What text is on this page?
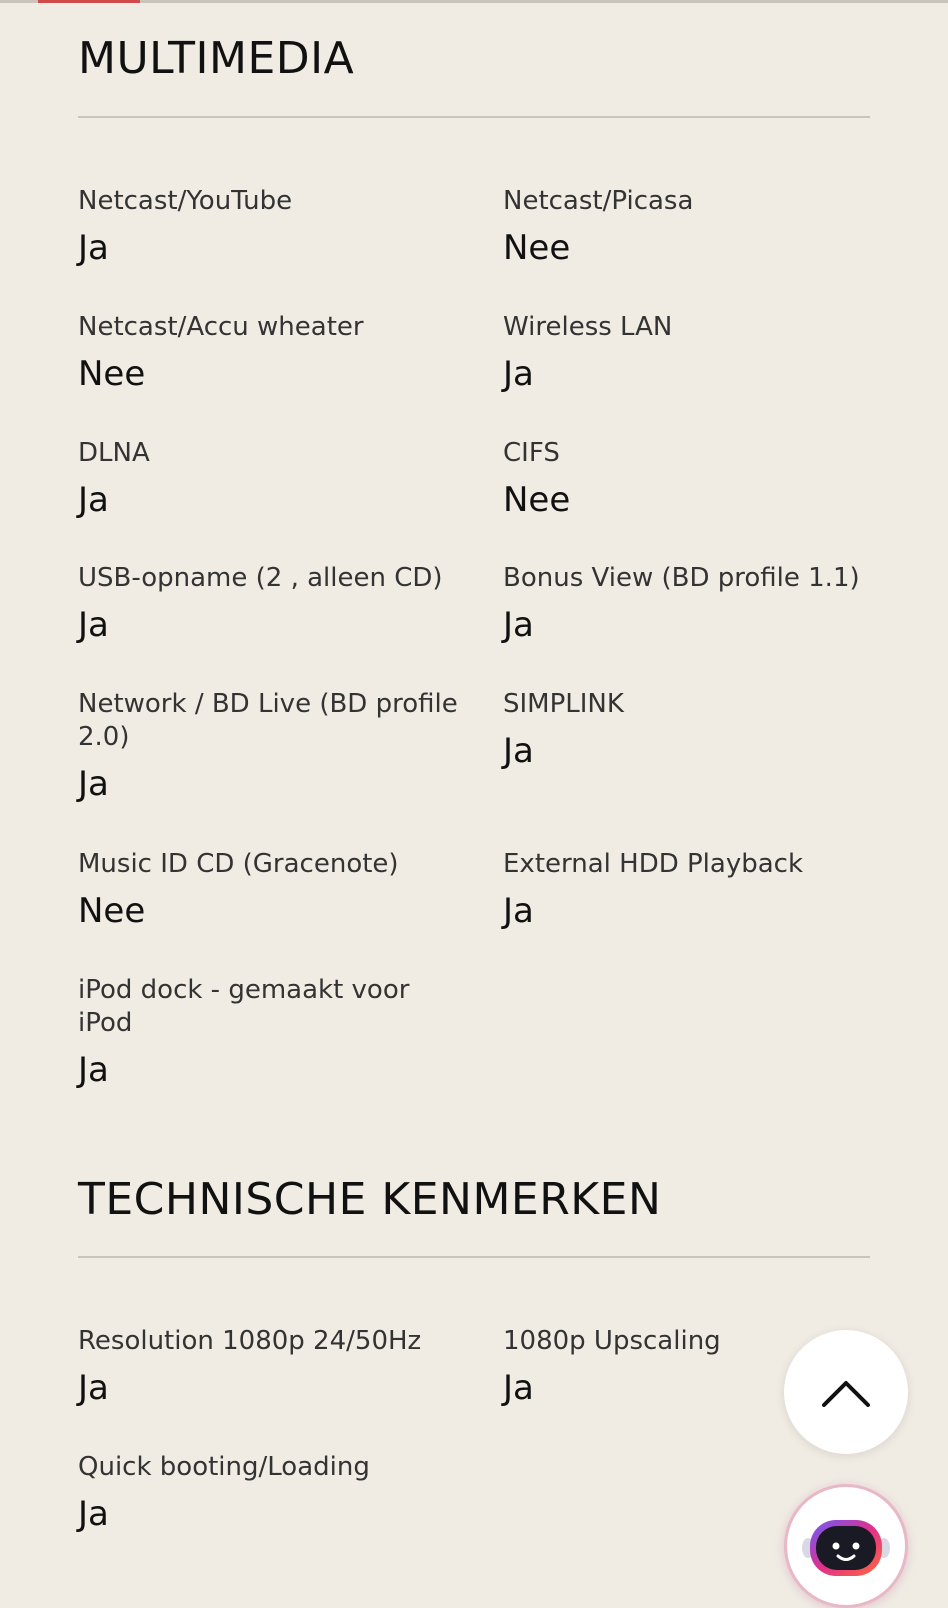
MULTIMEDIA
Netcast/YouTube
Ja
Netcast/Picasa
Nee
Netcast/Accu wheater
Nee
Wireless LAN
Ja
DLNA
Ja
CIFS
Nee
USB-opname (2 , alleen CD)
Ja
Bonus View (BD profile 1.1)
Ja
Network / BD Live (BD profile 2.0)
Ja
SIMPLINK
Ja
Music ID CD (Gracenote)
Nee
External HDD Playback
Ja
iPod dock - gemaakt voor iPod
Ja
TECHNISCHE KENMERKEN
Resolution 1080p 24/50Hz
Ja
1080p Upscaling
Ja
Quick booting/Loading
Ja
